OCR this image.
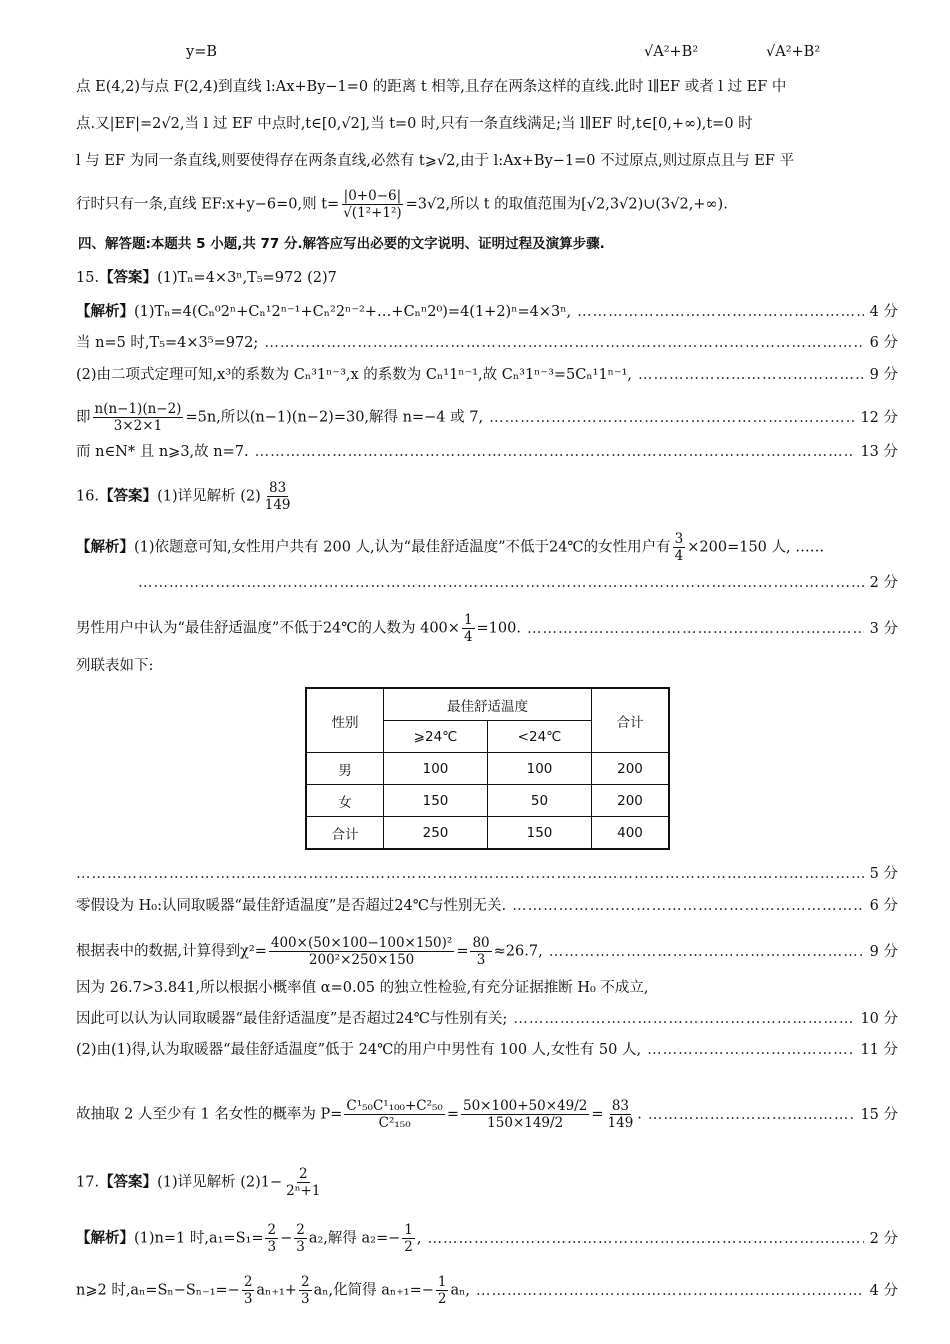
y=B	√A²+B²	√A²+B²
点 E(4,2)与点 F(2,4)到直线 l:Ax+By−1=0 的距离 t 相等,且存在两条这样的直线.此时 l∥EF 或者 l 过 EF 中
点.又|EF|=2√2,当 l 过 EF 中点时,t∈[0,√2],当 t=0 时,只有一条直线满足;当 l∥EF 时,t∈[0,+∞),t=0 时
l 与 EF 为同一条直线,则要使得存在两条直线,必然有 t⩾√2,由于 l:Ax+By−1=0 不过原点,则过原点且与 EF 平
行时只有一条,直线 EF:x+y−6=0,则 $t= \frac{|0+0-6|}{\text{√(1²+1²)}} =3√2$,所以 t 的取值范围为[√2,3√2)∪(3√2,+∞).
四、解答题:本题共 5 小题,共 77 分.解答应写出必要的文字说明、证明过程及演算步骤.
15.【答案】(1)Tₙ=4×3ⁿ,T₅=972 (2)7
【解析】(1)Tₙ=4(Cₙ⁰2ⁿ+Cₙ¹2ⁿ⁻¹+Cₙ²2ⁿ⁻²+…+Cₙⁿ2⁰)=4(1+2)ⁿ=4×3ⁿ, ……………………………………………………………………………………………………………………………………………………………………………………	4 分
当 n=5 时,T₅=4×3⁵=972; ……………………………………………………………………………………………………………………………………………………………………………………	6 分
(2)由二项式定理可知,x³的系数为 Cₙ³1ⁿ⁻³,x 的系数为 Cₙ¹1ⁿ⁻¹,故 Cₙ³1ⁿ⁻³=5Cₙ¹1ⁿ⁻¹, ……………………………………………………………………………………………………………………………………………………………………………………	9 分
即 $\frac{n(n-1)(n-2)}{3\times 2\times 1} =5n$,所以(n−1)(n−2)=30,解得 n=−4 或 7, ……………………………………………………………………………………………………………………………………………………………………………………	12 分
而 n∈N* 且 n⩾3,故 n=7. ……………………………………………………………………………………………………………………………………………………………………………………	13 分
16.【答案】(1)详见解析 $(2) \frac{83}{149}$
【解析】(1)依题意可知,女性用户共有 200 人,认为“最佳舒适温度”不低于24℃的女性用户有 $\frac{3}{4} \times 200=150$ 人, ……
……………………………………………………………………………………………………………………………………………………………………………………
2 分
男性用户中认为“最佳舒适温度”不低于24℃的人数为 $400\times \frac{1}{4} =100$. ……………………………………………………………………………………………………………………………………………………………………………………	3 分
列联表如下:
性别	最佳舒适温度		合计
	⩾24℃	<24℃	
男	100	100	200
女	150	50	200
合计	250	150	400
……………………………………………………………………………………………………………………………………………………………………………………
5 分
零假设为 H₀:认同取暖器“最佳舒适温度”是否超过24℃与性别无关. ……………………………………………………………………………………………………………………………………………………………………………………	6 分
根据表中的数据,计算得到$\chi^2= \frac{\text{400×(50×100−100×150)²}}{\text{200²×250×150}} = \frac{80}{3} \approx 26.7$, ……………………………………………………………………………………………………………………………………………………………………………………	9 分
因为 26.7>3.841,所以根据小概率值 α=0.05 的独立性检验,有充分证据推断 H₀ 不成立,
因此可以认为认同取暖器“最佳舒适温度”是否超过24℃与性别有关; ……………………………………………………………………………………………………………………………………………………………………………………	10 分
(2)由(1)得,认为取暖器“最佳舒适温度”低于 24℃的用户中男性有 100 人,女性有 50 人, ……………………………………………………………………………………………………………………………………………………………………………………	11 分
故抽取 2 人至少有 1 名女性的概率为 $P= \frac{\text{C¹₅₀C¹₁₀₀+C²₅₀}}{\text{C²₁₅₀}} = \frac{50\times 100+50\times 49/2}{150\times 149/2} = \frac{83}{149}$ . ……………………………………………………………………………………………………………………………………………………………………………………	15 分
17.【答案】(1)详见解析 $(2)1- \frac{2}{\text{2ⁿ+1}}$
【解析】(1)n=1 时$,a_1=S_1= \frac{2}{3} - \frac{2}{3} a_2$,解得 $a_2=- \frac{1}{2}$ , ……………………………………………………………………………………………………………………………………………………………………………………	2 分
n⩾2 时$,a_n=S_n-S_{n-1}=- \frac{2}{3} a_{n+1}+ \frac{2}{3} a_n$,化简得 $a_{n+1}=- \frac{1}{2} a_n$, ……………………………………………………………………………………………………………………………………………………………………………………	4 分
